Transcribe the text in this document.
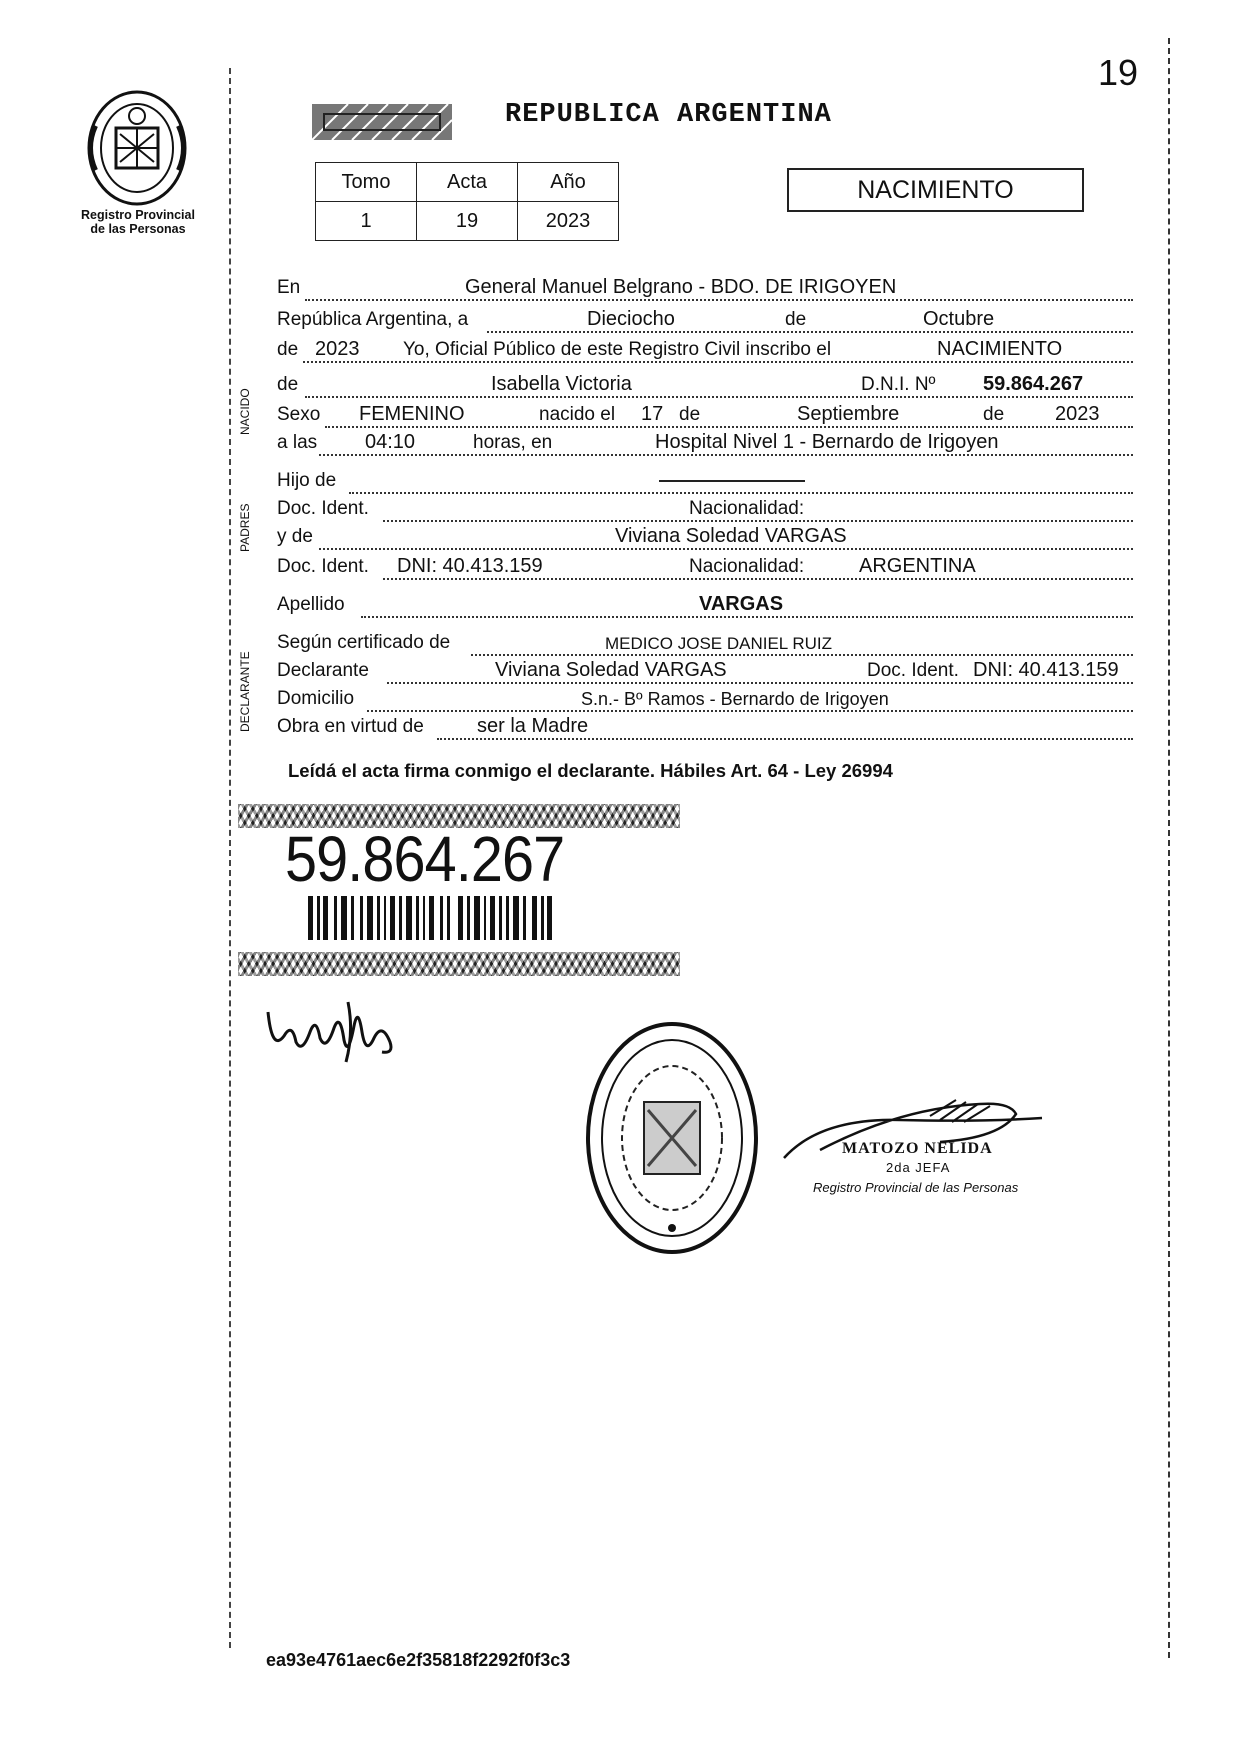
19
Registro Provincial
de las Personas
REPUBLICA ARGENTINA
Tomo	Acta	Año
1	19	2023
NACIMIENTO
En	General Manuel Belgrano - BDO. DE IRIGOYEN
República Argentina, a	Dieciocho	de	Octubre
de 2023 Yo, Oficial Público de este Registro Civil inscribo el	NACIMIENTO
NACIDO
de	Isabella Victoria	D.N.I. Nº 59.864.267
Sexo FEMENINO	nacido el 17 de	Septiembre	de	2023
a las 04:10	horas, en	Hospital Nivel 1 - Bernardo de Irigoyen
PADRES
Hijo de
Doc. Ident.	Nacionalidad:
y de	Viviana Soledad VARGAS
Doc. Ident. DNI: 40.413.159	Nacionalidad:	ARGENTINA
Apellido	VARGAS
DECLARANTE
Según certificado de	MEDICO JOSE DANIEL RUIZ
Declarante	Viviana Soledad VARGAS	Doc. Ident. DNI: 40.413.159
Domicilio	S.n.- Bº Ramos - Bernardo de Irigoyen
Obra en virtud de	ser la Madre
Leídá el acta firma conmigo el declarante. Hábiles Art. 64 - Ley 26994
59.864.267
MATOZO NELIDA
2da JEFA
Registro Provincial de las Personas
ea93e4761aec6e2f35818f2292f0f3c3
